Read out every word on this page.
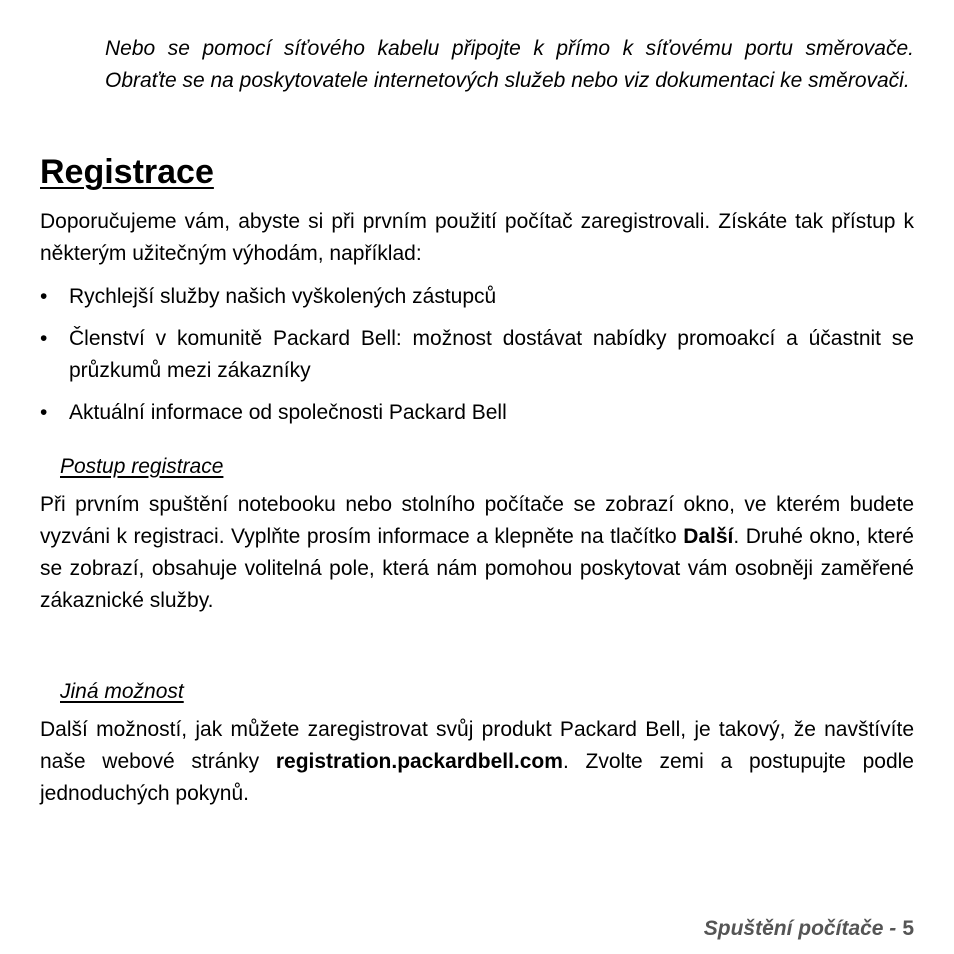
Nebo se pomocí síťového kabelu připojte k přímo k síťovému portu směrovače. Obraťte se na poskytovatele internetových služeb nebo viz dokumentaci ke směrovači.

Registrace

Doporučujeme vám, abyste si při prvním použití počítač zaregistrovali. Získáte tak přístup k některým užitečným výhodám, například:

• Rychlejší služby našich vyškolených zástupců
• Členství v komunitě Packard Bell: možnost dostávat nabídky promoakcí a účastnit se průzkumů mezi zákazníky
• Aktuální informace od společnosti Packard Bell
Postup registrace

Při prvním spuštění notebooku nebo stolního počítače se zobrazí okno, ve kterém budete vyzváni k registraci. Vyplňte prosím informace a klepněte na tlačítko Další. Druhé okno, které se zobrazí, obsahuje volitelná pole, která nám pomohou poskytovat vám osobněji zaměřené zákaznické služby.

Jiná možnost

Další možností, jak můžete zaregistrovat svůj produkt Packard Bell, je takový, že navštívíte naše webové stránky registration.packardbell.com. Zvolte zemi a postupujte podle jednoduchých pokynů.

Spuštění počítače - 5
